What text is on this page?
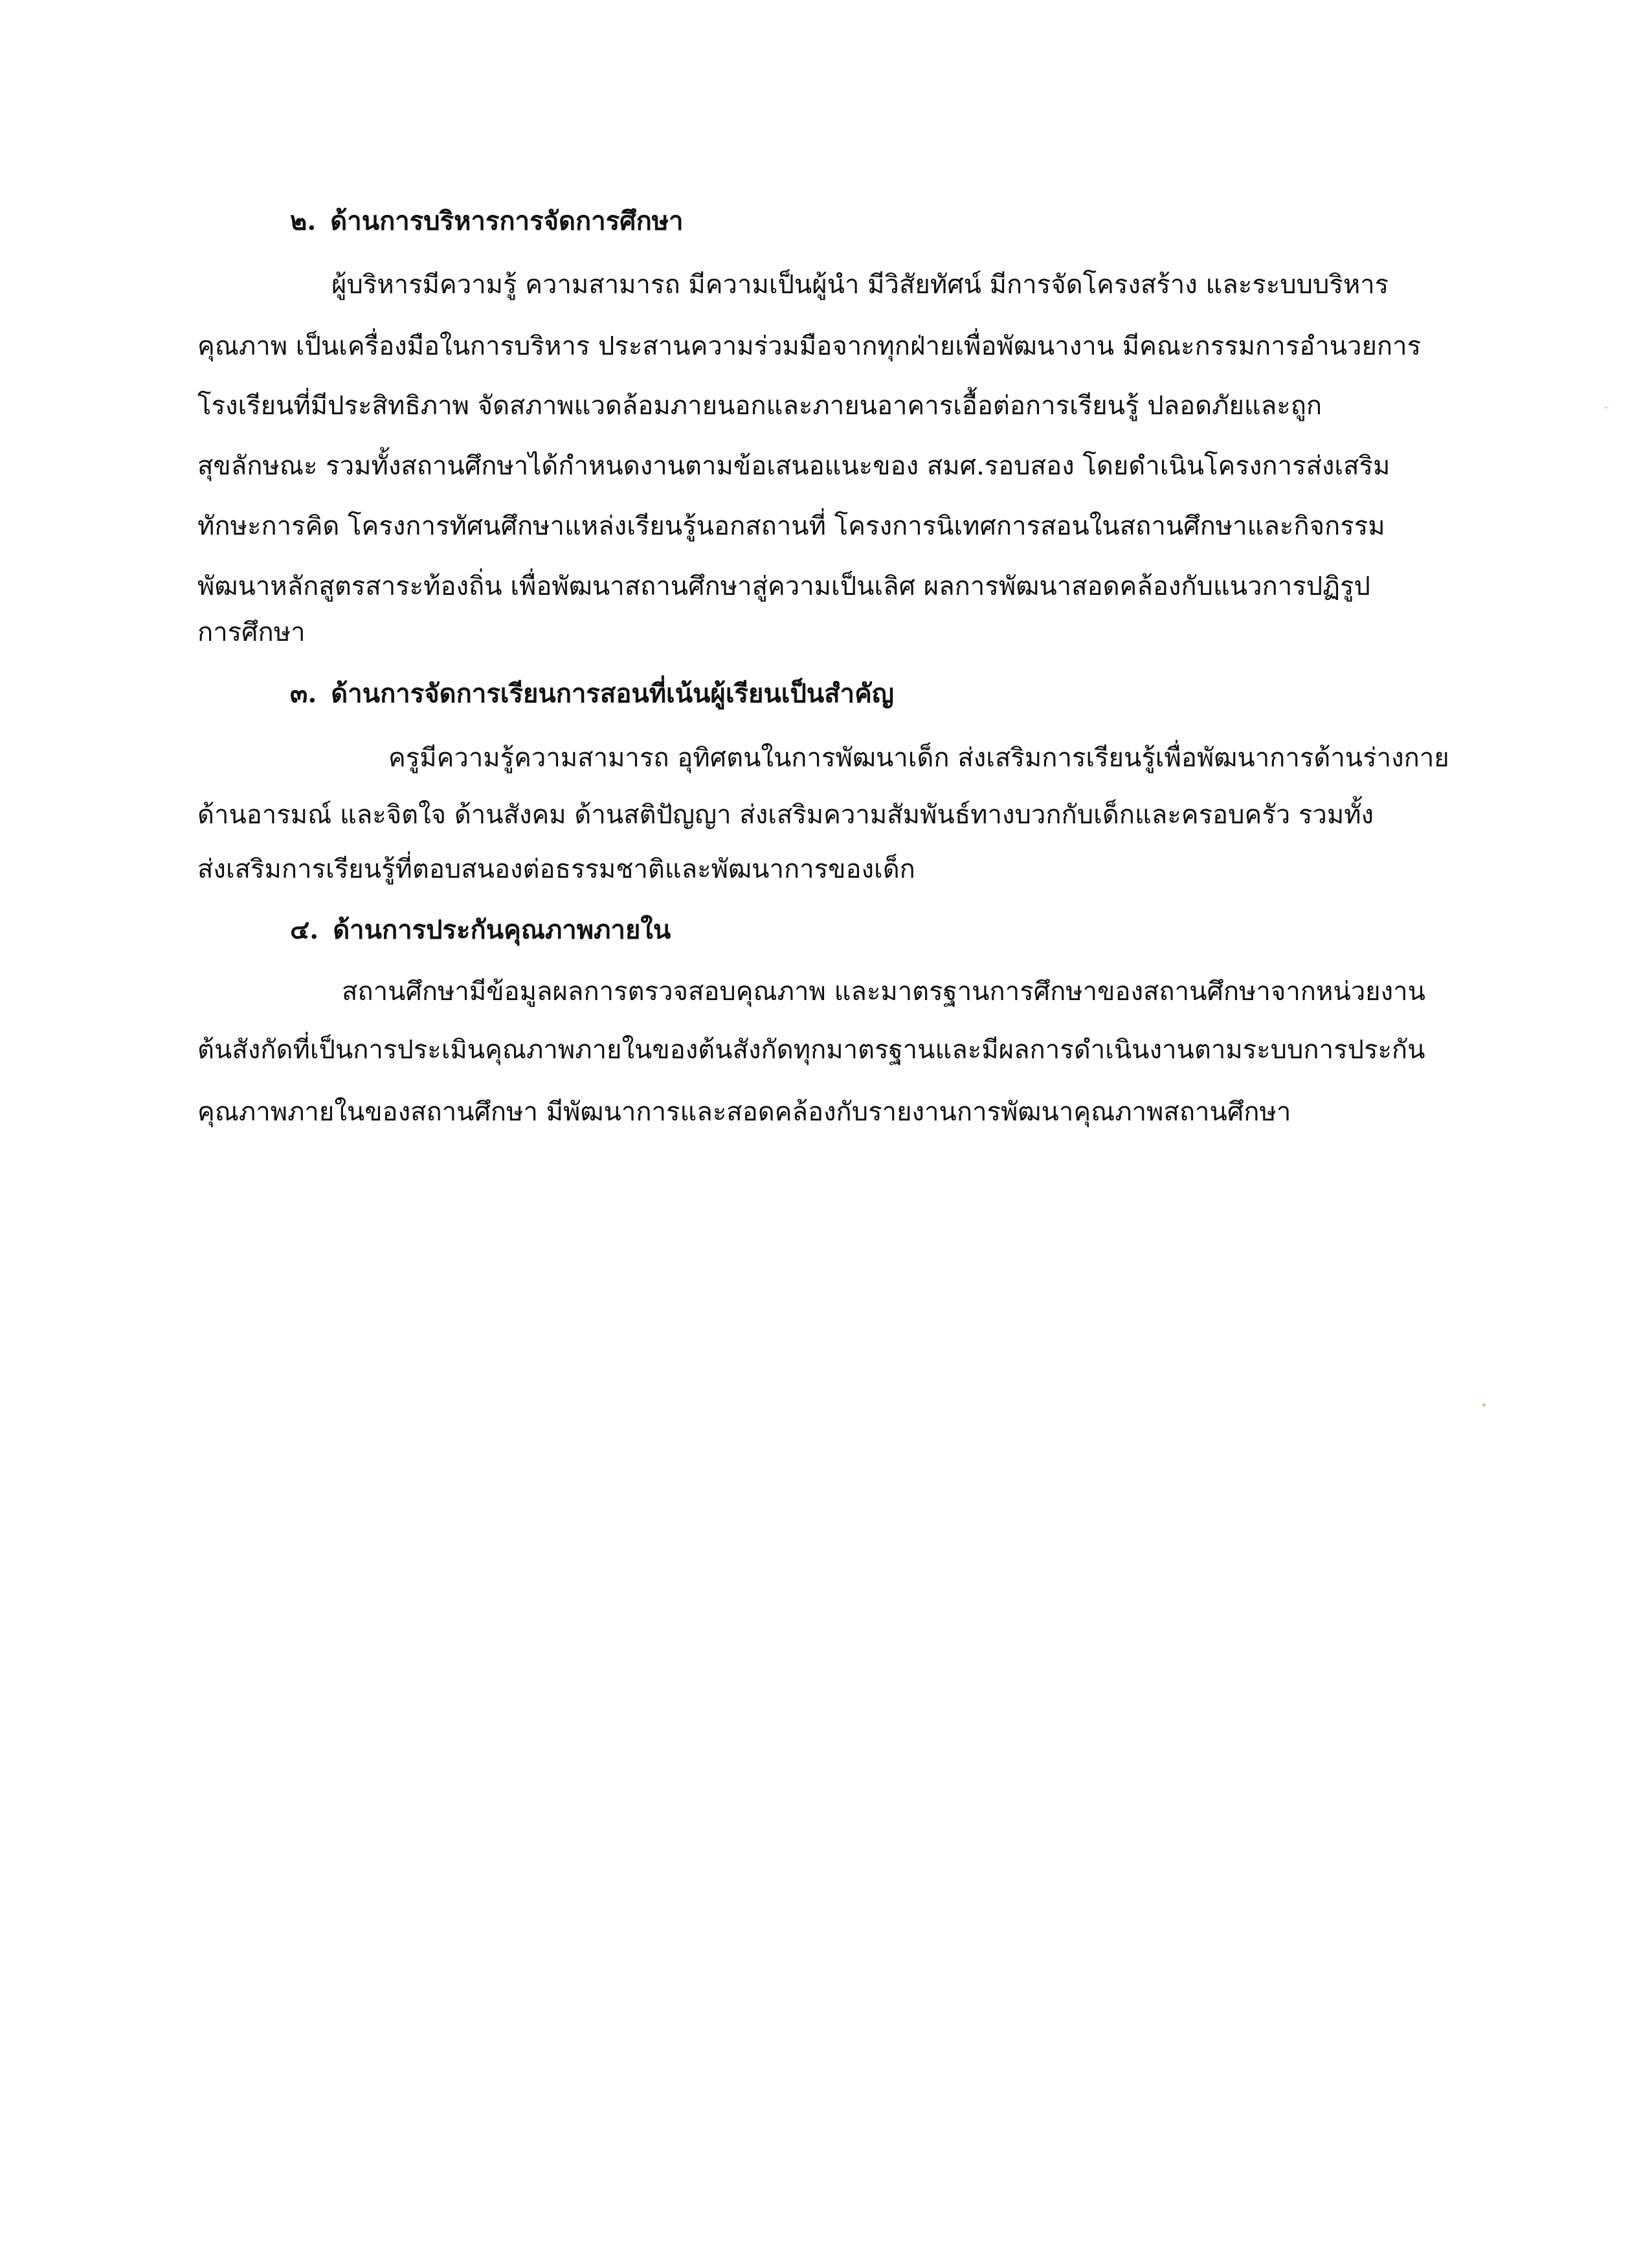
๒. ด้านการบริหารการจัดการศึกษา
ผู้บริหารมีความรู้ ความสามารถ มีความเป็นผู้นำ มีวิสัยทัศน์ มีการจัดโครงสร้าง และระบบบริหาร
คุณภาพ เป็นเครื่องมือในการบริหาร ประสานความร่วมมือจากทุกฝ่ายเพื่อพัฒนางาน มีคณะกรรมการอำนวยการ
โรงเรียนที่มีประสิทธิภาพ จัดสภาพแวดล้อมภายนอกและภายนอาคารเอื้อต่อการเรียนรู้ ปลอดภัยและถูก
สุขลักษณะ รวมทั้งสถานศึกษาได้กำหนดงานตามข้อเสนอแนะของ สมศ.รอบสอง โดยดำเนินโครงการส่งเสริม
ทักษะการคิด โครงการทัศนศึกษาแหล่งเรียนรู้นอกสถานที่ โครงการนิเทศการสอนในสถานศึกษาและกิจกรรม
พัฒนาหลักสูตรสาระท้องถิ่น เพื่อพัฒนาสถานศึกษาสู่ความเป็นเลิศ ผลการพัฒนาสอดคล้องกับแนวการปฏิรูป
การศึกษา
๓. ด้านการจัดการเรียนการสอนที่เน้นผู้เรียนเป็นสำคัญ
ครูมีความรู้ความสามารถ อุทิศตนในการพัฒนาเด็ก ส่งเสริมการเรียนรู้เพื่อพัฒนาการด้านร่างกาย
ด้านอารมณ์ และจิตใจ ด้านสังคม ด้านสติปัญญา ส่งเสริมความสัมพันธ์ทางบวกกับเด็กและครอบครัว รวมทั้ง
ส่งเสริมการเรียนรู้ที่ตอบสนองต่อธรรมชาติและพัฒนาการของเด็ก
๔. ด้านการประกันคุณภาพภายใน
สถานศึกษามีข้อมูลผลการตรวจสอบคุณภาพ และมาตรฐานการศึกษาของสถานศึกษาจากหน่วยงาน
ต้นสังกัดที่เป็นการประเมินคุณภาพภายในของต้นสังกัดทุกมาตรฐานและมีผลการดำเนินงานตามระบบการประกัน
คุณภาพภายในของสถานศึกษา มีพัฒนาการและสอดคล้องกับรายงานการพัฒนาคุณภาพสถานศึกษา
